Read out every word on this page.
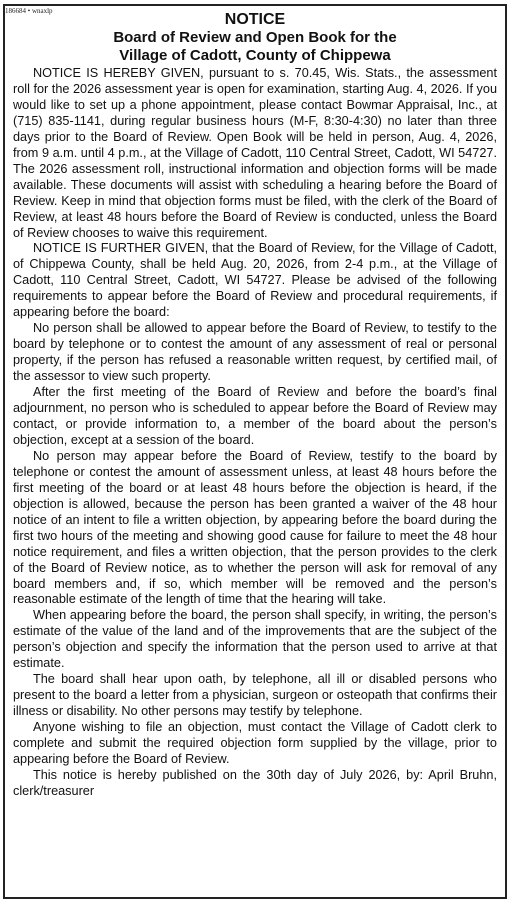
NOTICE
Board of Review and Open Book for the
Village of Cadott, County of Chippewa

NOTICE IS HEREBY GIVEN, pursuant to s. 70.45, Wis. Stats., the assessment roll for the 2026 assessment year is open for examination, starting Aug. 4, 2026. If you would like to set up a phone appointment, please contact Bowmar Appraisal, Inc., at (715) 835-1141, during regular business hours (M-F, 8:30-4:30) no later than three days prior to the Board of Review. Open Book will be held in person, Aug. 4, 2026, from 9 a.m. until 4 p.m., at the Village of Cadott, 110 Central Street, Cadott, WI 54727. The 2026 assessment roll, instructional information and objection forms will be made available. These documents will assist with scheduling a hearing before the Board of Review. Keep in mind that objection forms must be filed, with the clerk of the Board of Review, at least 48 hours before the Board of Review is conducted, unless the Board of Review chooses to waive this requirement.

NOTICE IS FURTHER GIVEN, that the Board of Review, for the Village of Cadott, of Chippewa County, shall be held Aug. 20, 2026, from 2-4 p.m., at the Village of Cadott, 110 Central Street, Cadott, WI 54727. Please be advised of the following requirements to appear before the Board of Review and procedural requirements, if appearing before the board:

No person shall be allowed to appear before the Board of Review, to testify to the board by telephone or to contest the amount of any assessment of real or personal property, if the person has refused a reasonable written request, by certified mail, of the assessor to view such property.

After the first meeting of the Board of Review and before the board’s final adjournment, no person who is scheduled to appear before the Board of Review may contact, or provide information to, a member of the board about the person’s objection, except at a session of the board.

No person may appear before the Board of Review, testify to the board by telephone or contest the amount of assessment unless, at least 48 hours before the first meeting of the board or at least 48 hours before the objection is heard, if the objection is allowed, because the person has been granted a waiver of the 48 hour notice of an intent to file a written objection, by appearing before the board during the first two hours of the meeting and showing good cause for failure to meet the 48 hour notice requirement, and files a written objection, that the person provides to the clerk of the Board of Review notice, as to whether the person will ask for removal of any board members and, if so, which member will be removed and the person’s reasonable estimate of the length of time that the hearing will take.

When appearing before the board, the person shall specify, in writing, the person’s estimate of the value of the land and of the improvements that are the subject of the person’s objection and specify the information that the person used to arrive at that estimate.

The board shall hear upon oath, by telephone, all ill or disabled persons who present to the board a letter from a physician, surgeon or osteopath that confirms their illness or disability. No other persons may testify by telephone.

Anyone wishing to file an objection, must contact the Village of Cadott clerk to complete and submit the required objection form supplied by the village, prior to appearing before the Board of Review.

This notice is hereby published on the 30th day of July 2026, by: April Bruhn, clerk/treasurer

186684 • wnaxlp
